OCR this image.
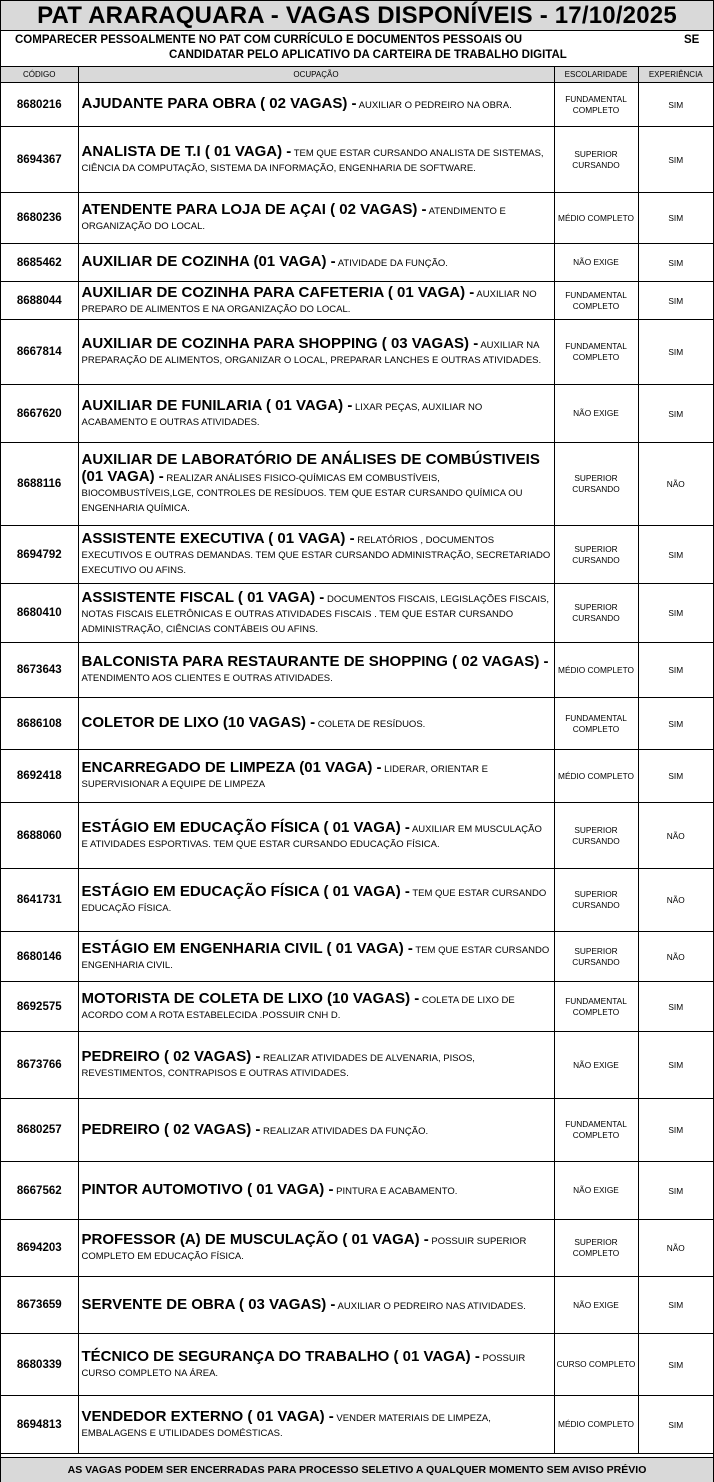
PAT ARARAQUARA - VAGAS DISPONÍVEIS - 17/10/2025
COMPARECER PESSOALMENTE NO PAT COM CURRÍCULO E DOCUMENTOS PESSOAIS OU	SE
CANDIDATAR PELO APLICATIVO DA CARTEIRA DE TRABALHO DIGITAL
CÓDIGO	OCUPAÇÃO	ESCOLARIDADE	EXPERIÊNCIA
8680216	AJUDANTE PARA OBRA ( 02 VAGAS) - AUXILIAR O PEDREIRO NA OBRA.	FUNDAMENTAL COMPLETO	SIM
8694367	ANALISTA DE T.I ( 01 VAGA) - TEM QUE ESTAR CURSANDO ANALISTA DE SISTEMAS, CIÊNCIA DA COMPUTAÇÃO, SISTEMA DA INFORMAÇÃO, ENGENHARIA DE SOFTWARE.	SUPERIOR CURSANDO	SIM
8680236	ATENDENTE PARA LOJA DE AÇAI ( 02 VAGAS) - ATENDIMENTO E ORGANIZAÇÃO DO LOCAL.	MÉDIO COMPLETO	SIM
8685462	AUXILIAR DE COZINHA (01 VAGA) - ATIVIDADE DA FUNÇÃO.	NÃO EXIGE	SIM
8688044	AUXILIAR DE COZINHA PARA CAFETERIA ( 01 VAGA) - AUXILIAR NO PREPARO DE ALIMENTOS E NA ORGANIZAÇÃO DO LOCAL.	FUNDAMENTAL COMPLETO	SIM
8667814	AUXILIAR DE COZINHA PARA SHOPPING ( 03 VAGAS) - AUXILIAR NA PREPARAÇÃO DE ALIMENTOS, ORGANIZAR O LOCAL, PREPARAR LANCHES E OUTRAS ATIVIDADES.	FUNDAMENTAL COMPLETO	SIM
8667620	AUXILIAR DE FUNILARIA ( 01 VAGA) - LIXAR PEÇAS, AUXILIAR NO ACABAMENTO E OUTRAS ATIVIDADES.	NÃO EXIGE	SIM
8688116	AUXILIAR DE LABORATÓRIO DE ANÁLISES DE COMBÚSTIVEIS (01 VAGA) - REALIZAR ANÁLISES FISICO-QUÍMICAS EM COMBUSTÍVEIS, BIOCOMBUSTÍVEIS,LGE, CONTROLES DE RESÍDUOS. TEM QUE ESTAR CURSANDO QUÍMICA OU ENGENHARIA QUÍMICA.	SUPERIOR CURSANDO	NÃO
8694792	ASSISTENTE EXECUTIVA ( 01 VAGA) - RELATÓRIOS , DOCUMENTOS EXECUTIVOS E OUTRAS DEMANDAS. TEM QUE ESTAR CURSANDO ADMINISTRAÇÃO, SECRETARIADO EXECUTIVO OU AFINS.	SUPERIOR CURSANDO	SIM
8680410	ASSISTENTE FISCAL ( 01 VAGA) - DOCUMENTOS FISCAIS, LEGISLAÇÕES FISCAIS, NOTAS FISCAIS ELETRÔNICAS E OUTRAS ATIVIDADES FISCAIS . TEM QUE ESTAR CURSANDO ADMINISTRAÇÃO, CIÊNCIAS CONTÁBEIS OU AFINS.	SUPERIOR CURSANDO	SIM
8673643	BALCONISTA PARA RESTAURANTE DE SHOPPING ( 02 VAGAS) - ATENDIMENTO AOS CLIENTES E OUTRAS ATIVIDADES.	MÉDIO COMPLETO	SIM
8686108	COLETOR DE LIXO (10 VAGAS) - COLETA DE RESÍDUOS.	FUNDAMENTAL COMPLETO	SIM
8692418	ENCARREGADO DE LIMPEZA (01 VAGA) - LIDERAR, ORIENTAR E SUPERVISIONAR A EQUIPE DE LIMPEZA	MÉDIO COMPLETO	SIM
8688060	ESTÁGIO EM EDUCAÇÃO FÍSICA ( 01 VAGA) - AUXILIAR EM MUSCULAÇÃO E ATIVIDADES ESPORTIVAS. TEM QUE ESTAR CURSANDO EDUCAÇÃO FÍSICA.	SUPERIOR CURSANDO	NÃO
8641731	ESTÁGIO EM EDUCAÇÃO FÍSICA ( 01 VAGA) - TEM QUE ESTAR CURSANDO EDUCAÇÃO FÍSICA.	SUPERIOR CURSANDO	NÃO
8680146	ESTÁGIO EM ENGENHARIA CIVIL ( 01 VAGA) - TEM QUE ESTAR CURSANDO ENGENHARIA CIVIL.	SUPERIOR CURSANDO	NÃO
8692575	MOTORISTA DE COLETA DE LIXO (10 VAGAS) - COLETA DE LIXO DE ACORDO COM A ROTA ESTABELECIDA .POSSUIR CNH D.	FUNDAMENTAL COMPLETO	SIM
8673766	PEDREIRO ( 02 VAGAS) - REALIZAR ATIVIDADES DE ALVENARIA, PISOS, REVESTIMENTOS, CONTRAPISOS E OUTRAS ATIVIDADES.	NÃO EXIGE	SIM
8680257	PEDREIRO ( 02 VAGAS) - REALIZAR ATIVIDADES DA FUNÇÃO.	FUNDAMENTAL COMPLETO	SIM
8667562	PINTOR AUTOMOTIVO ( 01 VAGA) - PINTURA E ACABAMENTO.	NÃO EXIGE	SIM
8694203	PROFESSOR (A) DE MUSCULAÇÃO ( 01 VAGA) - POSSUIR SUPERIOR COMPLETO EM EDUCAÇÃO FÍSICA.	SUPERIOR COMPLETO	NÃO
8673659	SERVENTE DE OBRA ( 03 VAGAS) - AUXILIAR O PEDREIRO NAS ATIVIDADES.	NÃO EXIGE	SIM
8680339	TÉCNICO DE SEGURANÇA DO TRABALHO ( 01 VAGA) - POSSUIR CURSO COMPLETO NA ÁREA.	CURSO COMPLETO	SIM
8694813	VENDEDOR EXTERNO ( 01 VAGA) - VENDER MATERIAIS DE LIMPEZA, EMBALAGENS E UTILIDADES DOMÉSTICAS.	MÉDIO COMPLETO	SIM
AS VAGAS PODEM SER ENCERRADAS PARA PROCESSO SELETIVO A QUALQUER MOMENTO SEM AVISO PRÉVIO
